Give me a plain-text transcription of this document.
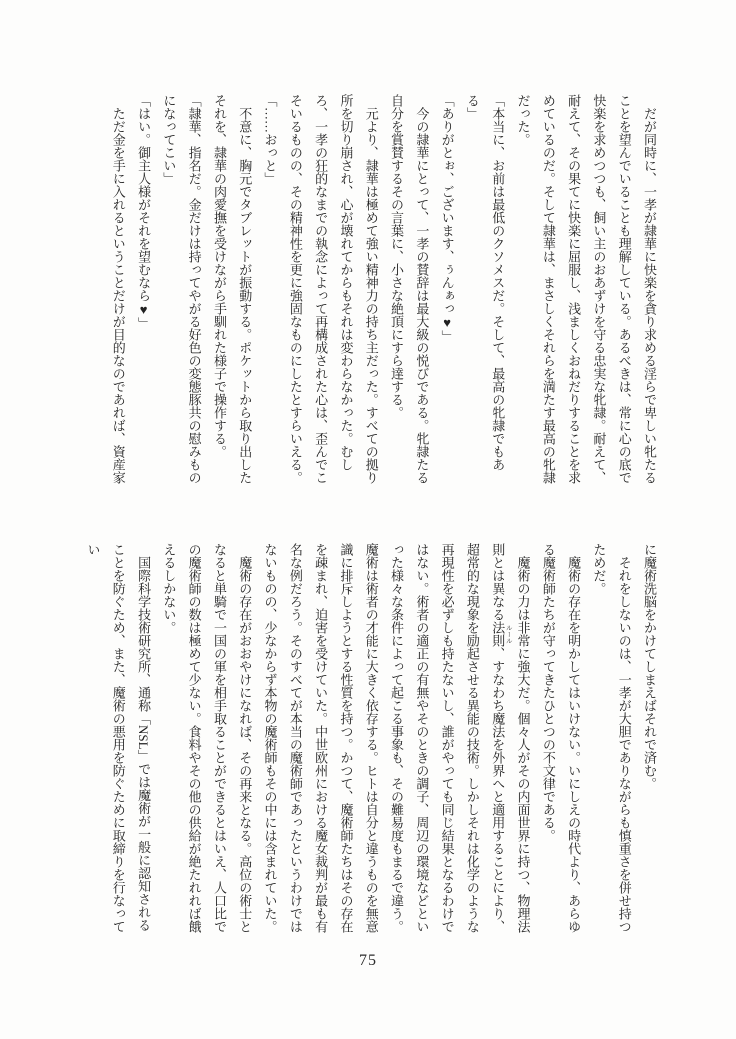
だが同時に、一孝が隷華に快楽を貪り求める淫らで卑しい牝たることを望んでいることも理解している。あるべきは、常に心の底で快楽を求めつつも、飼い主のおあずけを守る忠実な牝隷。耐えて、耐えて、その果てに快楽に屈服し、浅ましくおねだりすることを求めているのだ。そして隷華は、まさしくそれらを満たす最高の牝隷だった。

「本当に、お前は最低のクソメスだ。そして、最高の牝隷でもある」

「ありがとぉ、ございます、ぅんぁっ♥」

今の隷華にとって、一孝の賛辞は最大級の悦びである。牝隷たる自分を賞賛するその言葉に、小さな絶頂にすら達する。

元より、隷華は極めて強い精神力の持ち主だった。すべての拠り所を切り崩され、心が壊れてからもそれは変わらなかった。むしろ、一孝の狂的なまでの執念によって再構成された心は、歪んでこそいるものの、その精神性を更に強固なものにしたとすらいえる。

「……おっと」

不意に、胸元でタブレットが振動する。ポケットから取り出したそれを、隷華の肉愛撫を受けながら手馴れた様子で操作する。

「隷華、指名だ。金だけは持ってやがる好色の変態豚共の慰みものになってこい」

「はい。御主人様がそれを望むなら♥」

ただ金を手に入れるということだけが目的なのであれば、資産家

に魔術洗脳をかけてしまえばそれで済む。

それをしないのは、一孝が大胆でありながらも慎重さを併せ持つためだ。

魔術の存在を明かしてはいけない。いにしえの時代より、あらゆる魔術師たちが守ってきたひとつの不文律である。

魔術の力は非常に強大だ。個々人がその内面世界に持つ、物理法則とは異なる法則 ルール、すなわち魔法を外界へと適用することにより、超常的な現象を励起させる異能の技術。しかしそれは化学のような再現性を必ずしも持たないし、誰がやっても同じ結果となるわけではない。術者の適正の有無やそのときの調子、周辺の環境などといった様々な条件によって起こる事象も、その難易度もまるで違う。魔術は術者の才能に大きく依存する。ヒトは自分と違うものを無意識に排斥しようとする性質を持つ。かつて、魔術師たちはその存在を疎まれ、迫害を受けていた。中世欧州における魔女裁判が最も有名な例だろう。そのすべてが本当の魔術師であったというわけではないものの、少なからず本物の魔術師もその中には含まれていた。

魔術の存在がおおやけになれば、その再来となる。高位の術士となると単騎で一国の軍を相手取ることができるとはいえ、人口比での魔術師の数は極めて少ない。食料やその他の供給が絶たれれば餓えるしかない。

国際科学技術研究所、通称「NSL」では魔術が一般に認知されることを防ぐため、また、魔術の悪用を防ぐために取締りを行なってい

75
